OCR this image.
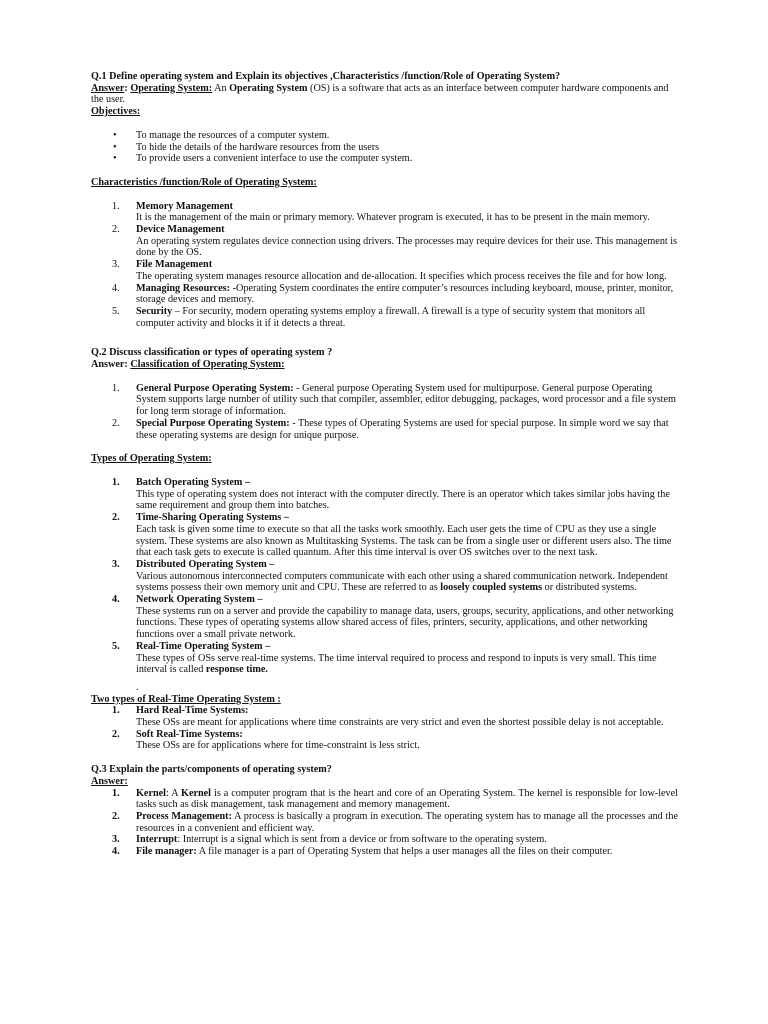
Q.1 Define operating system and Explain its objectives ,Characteristics /function/Role of Operating System?

Answer: Operating System: An Operating System (OS) is a software that acts as an interface between computer hardware components and the user.

Objectives:

• To manage the resources of a computer system.
• To hide the details of the hardware resources from the users
• To provide users a convenient interface to use the computer system.

Characteristics /function/Role of Operating System:

1. Memory Management
It is the management of the main or primary memory. Whatever program is executed, it has to be present in the main memory.
2. Device Management
An operating system regulates device connection using drivers. The processes may require devices for their use. This management is done by the OS.
3. File Management
The operating system manages resource allocation and de-allocation. It specifies which process receives the file and for how long.
4. Managing Resources: -Operating System coordinates the entire computer’s resources including keyboard, mouse, printer, monitor, storage devices and memory.
5. Security – For security, modern operating systems employ a firewall. A firewall is a type of security system that monitors all computer activity and blocks it if it detects a threat.

Q.2 Discuss classification or types of operating system ?

Answer: Classification of Operating System:

1. General Purpose Operating System: - General purpose Operating System used for multipurpose. General purpose Operating System supports large number of utility such that compiler, assembler, editor debugging, packages, word processor and a file system for long term storage of information.
2. Special Purpose Operating System: - These types of Operating Systems are used for special purpose. In simple word we say that these operating systems are design for unique purpose.

Types of Operating System:

1. Batch Operating System –
This type of operating system does not interact with the computer directly. There is an operator which takes similar jobs having the same requirement and group them into batches.
2. Time-Sharing Operating Systems –
Each task is given some time to execute so that all the tasks work smoothly. Each user gets the time of CPU as they use a single system. These systems are also known as Multitasking Systems. The task can be from a single user or different users also. The time that each task gets to execute is called quantum. After this time interval is over OS switches over to the next task.
3. Distributed Operating System –
Various autonomous interconnected computers communicate with each other using a shared communication network. Independent systems possess their own memory unit and CPU. These are referred to as loosely coupled systems or distributed systems.
4. Network Operating System –
These systems run on a server and provide the capability to manage data, users, groups, security, applications, and other networking functions. These types of operating systems allow shared access of files, printers, security, applications, and other networking functions over a small private network.
5. Real-Time Operating System –
These types of OSs serve real-time systems. The time interval required to process and respond to inputs is very small. This time interval is called response time.

.

Two types of Real-Time Operating System :

1. Hard Real-Time Systems:
These OSs are meant for applications where time constraints are very strict and even the shortest possible delay is not acceptable.
2. Soft Real-Time Systems:
These OSs are for applications where for time-constraint is less strict.

Q.3 Explain the parts/components of operating system?

Answer:

1. Kernel: A Kernel is a computer program that is the heart and core of an Operating System. The kernel is responsible for low-level tasks such as disk management, task management and memory management.
2. Process Management: A process is basically a program in execution. The operating system has to manage all the processes and the resources in a convenient and efficient way.
3. Interrupt: Interrupt is a signal which is sent from a device or from software to the operating system.
4. File manager: A file manager is a part of Operating System that helps a user manages all the files on their computer.
